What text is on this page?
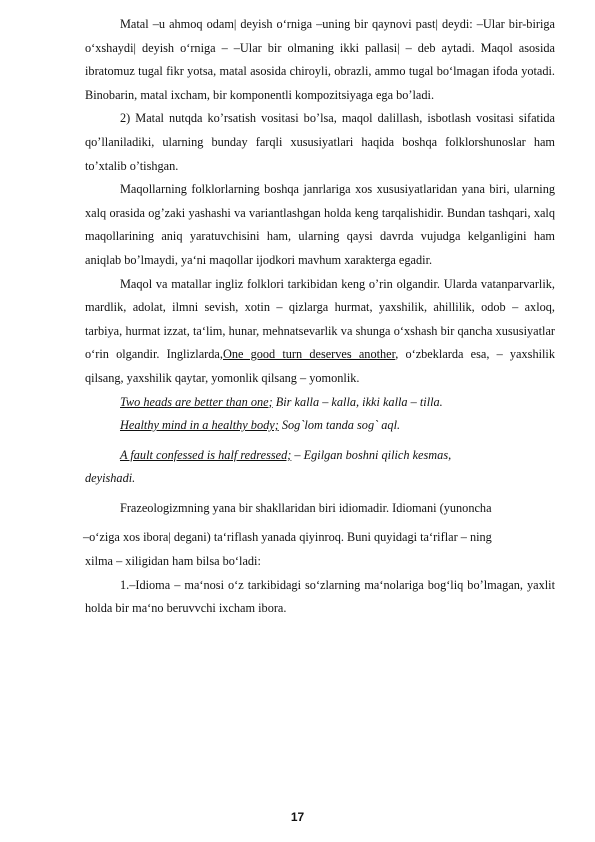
Matal ‒u ahmoq odam| deyish o‘rniga ‒uning bir qaynovi past| deydi: ‒Ular bir-biriga o‘xshaydi| deyish o‘rniga – ‒Ular bir olmaning ikki pallasi| – deb aytadi. Maqol asosida ibratomuz tugal fikr yotsa, matal asosida chiroyli, obrazli, ammo tugal bo‘lmagan ifoda yotadi. Binobarin, matal ixcham, bir komponentli kompozitsiyaga ega bo’ladi.

2) Matal nutqda ko’rsatish vositasi bo’lsa, maqol dalillash, isbotlash vositasi sifatida qo’llaniladiki, ularning bunday farqli xususiyatlari haqida boshqa folklorshunoslar ham to’xtalib o’tishgan.

Maqollarning folklorlarning boshqa janrlariga xos xususiyatlaridan yana biri, ularning xalq orasida og’zaki yashashi va variantlashgan holda keng tarqalishidir. Bundan tashqari, xalq maqollarining aniq yaratuvchisini ham, ularning qaysi davrda vujudga kelganligini ham aniqlab bo’lmaydi, ya‘ni maqollar ijodkori mavhum xarakterga egadir.

Maqol va matallar ingliz folklori tarkibidan keng o’rin olgandir. Ularda vatanparvarlik, mardlik, adolat, ilmni sevish, xotin – qizlarga hurmat, yaxshilik, ahillilik, odob – axloq, tarbiya, hurmat izzat, ta‘lim, hunar, mehnatsevarlik va shunga o‘xshash bir qancha xususiyatlar o‘rin olgandir. Inglizlarda,One good turn deserves another, o‘zbeklarda esa, – yaxshilik qilsang, yaxshilik qaytar, yomonlik qilsang – yomonlik.

Two heads are better than one; Bir kalla – kalla, ikki kalla – tilla.

Healthy mind in a healthy body; Sog`lom tanda sog` aql.

A fault confessed is half redressed; – Egilgan boshni qilich kesmas,

deyishadi.

Frazeologizmning yana bir shakllaridan biri idiomadir. Idiomani (yunoncha

‒o‘ziga xos ibora| degani) ta‘riflash yanada qiyinroq. Buni quyidagi ta‘riflar – ning

xilma – xiligidan ham bilsa bo‘ladi:

1.‒Idioma – ma‘nosi o‘z tarkibidagi so‘zlarning ma‘nolariga bog‘liq bo’lmagan, yaxlit holda bir ma‘no beruvvchi ixcham ibora.

17
